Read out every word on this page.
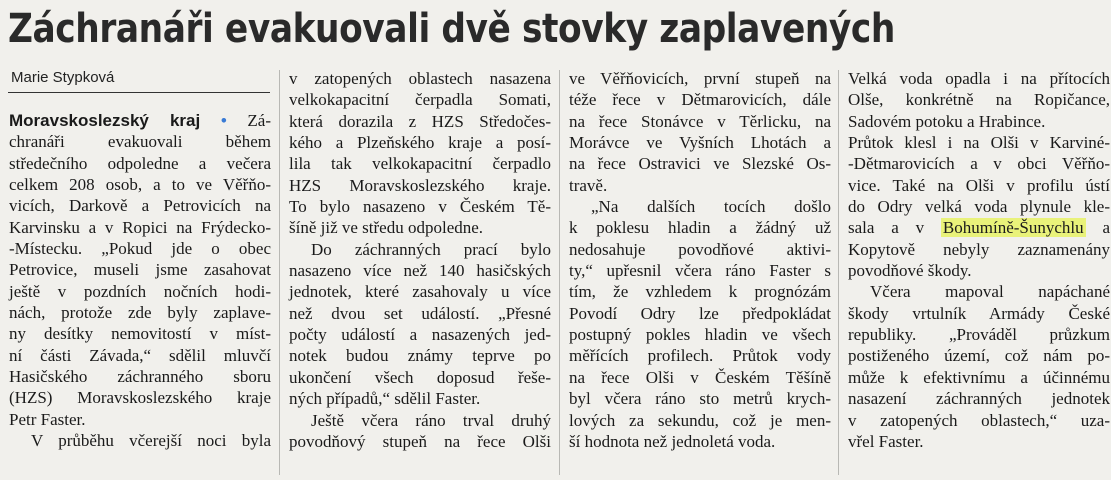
Záchranáři evakuovali dvě stovky zaplavených
Marie Stypková
Moravskoslezský kraj • Zá-
chranáři evakuovali během
středečního odpoledne a večera
celkem 208 osob, a to ve Věřňo-
vicích, Darkově a Petrovicích na
Karvinsku a v Ropici na Frýdecko-
-Místecku. „Pokud jde o obec
Petrovice, museli jsme zasahovat
ještě v pozdních nočních hodi-
nách, protože zde byly zaplave-
ny desítky nemovitostí v míst-
ní části Závada,“ sdělil mluvčí
Hasičského záchranného sboru
(HZS) Moravskoslezského kraje
Petr Faster.
V průběhu včerejší noci byla
v zatopených oblastech nasazena
velkokapacitní čerpadla Somati,
která dorazila z HZS Středočes-
kého a Plzeňského kraje a posí-
lila tak velkokapacitní čerpadlo
HZS Moravskoslezského kraje.
To bylo nasazeno v Českém Tě-
šíně již ve středu odpoledne.
Do záchranných prací bylo
nasazeno více než 140 hasičských
jednotek, které zasahovaly u více
než dvou set událostí. „Přesné
počty událostí a nasazených jed-
notek budou známy teprve po
ukončení všech doposud řeše-
ných případů,“ sdělil Faster.
Ještě včera ráno trval druhý
povodňový stupeň na řece Olši
ve Věřňovicích, první stupeň na
téže řece v Dětmarovicích, dále
na řece Stonávce v Těrlicku, na
Morávce ve Vyšních Lhotách a
na řece Ostravici ve Slezské Os-
travě.
„Na dalších tocích došlo
k poklesu hladin a žádný už
nedosahuje povodňové aktivi-
ty,“ upřesnil včera ráno Faster s
tím, že vzhledem k prognózám
Povodí Odry lze předpokládat
postupný pokles hladin ve všech
měřících profilech. Průtok vody
na řece Olši v Českém Těšíně
byl včera ráno sto metrů krych-
lových za sekundu, což je men-
ší hodnota než jednoletá voda.
Velká voda opadla i na přítocích
Olše, konkrétně na Ropičance,
Sadovém potoku a Hrabince.
Průtok klesl i na Olši v Karviné-
-Dětmarovicích a v obci Věřňo-
vice. Také na Olši v profilu ústí
do Odry velká voda plynule kle-
sala a v Bohumíně-Šunychlu a
Kopytově nebyly zaznamenány
povodňové škody.
Včera mapoval napáchané
škody vrtulník Armády České
republiky. „Prováděl průzkum
postiženého území, což nám po-
může k efektivnímu a účinnému
nasazení záchranných jednotek
v zatopených oblastech,“ uza-
vřel Faster.
